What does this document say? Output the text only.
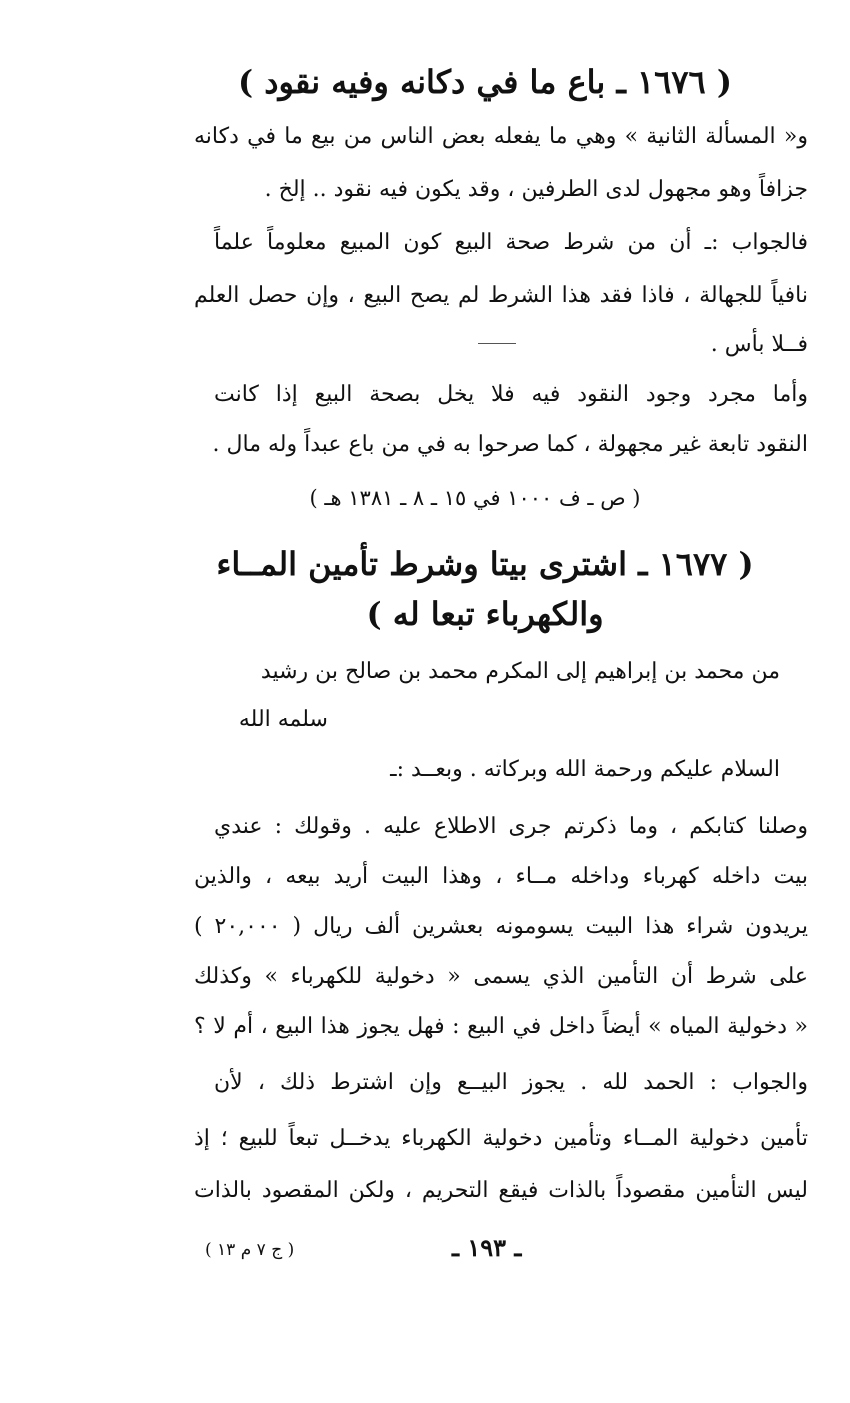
( ١٦٧٦ ـ باع ما في دكانه وفيه نقود )
و« المسألة الثانية » وهي ما يفعله بعض الناس من بيع ما في دكانه
جزافاً وهو مجهول لدى الطرفين ، وقد يكون فيه نقود .. إلخ .
فالجواب :ـ أن من شرط صحة البيع كون المبيع معلوماً علماً
نافياً للجهالة ، فاذا فقد هذا الشرط لم يصح البيع ، وإن حصل العلم
فــلا بأس .
وأما مجرد وجود النقود فيه فلا يخل بصحة البيع إذا كانت
النقود تابعة غير مجهولة ، كما صرحوا به في من باع عبداً وله مال .
( ص ـ ف ١٠٠٠ في ١٥ ـ ٨ ـ ١٣٨١ هـ )
( ١٦٧٧ ـ اشترى بيتا وشرط تأمين المــاء
والكهرباء تبعا له )
من محمد بن إبراهيم إلى المكرم محمد بن صالح بن رشيد
سلمه الله
السلام عليكم ورحمة الله وبركاته . وبعــد :ـ
وصلنا كتابكم ، وما ذكرتم جرى الاطلاع عليه . وقولك : عندي
بيت داخله كهرباء وداخله مــاء ، وهذا البيت أريد بيعه ، والذين
يريدون شراء هذا البيت يسومونه بعشرين ألف ريال ( ٢٠,٠٠٠ )
على شرط أن التأمين الذي يسمى « دخولية للكهرباء » وكذلك
« دخولية المياه » أيضاً داخل في البيع : فهل يجوز هذا البيع ، أم لا ؟
والجواب : الحمد لله . يجوز البيــع وإن اشترط ذلك ، لأن
تأمين دخولية المــاء وتأمين دخولية الكهرباء يدخــل تبعاً للبيع ؛ إذ
ليس التأمين مقصوداً بالذات فيقع التحريم ، ولكن المقصود بالذات
ـ ١٩٣ ـ
( ج ٧ م ١٣ )
